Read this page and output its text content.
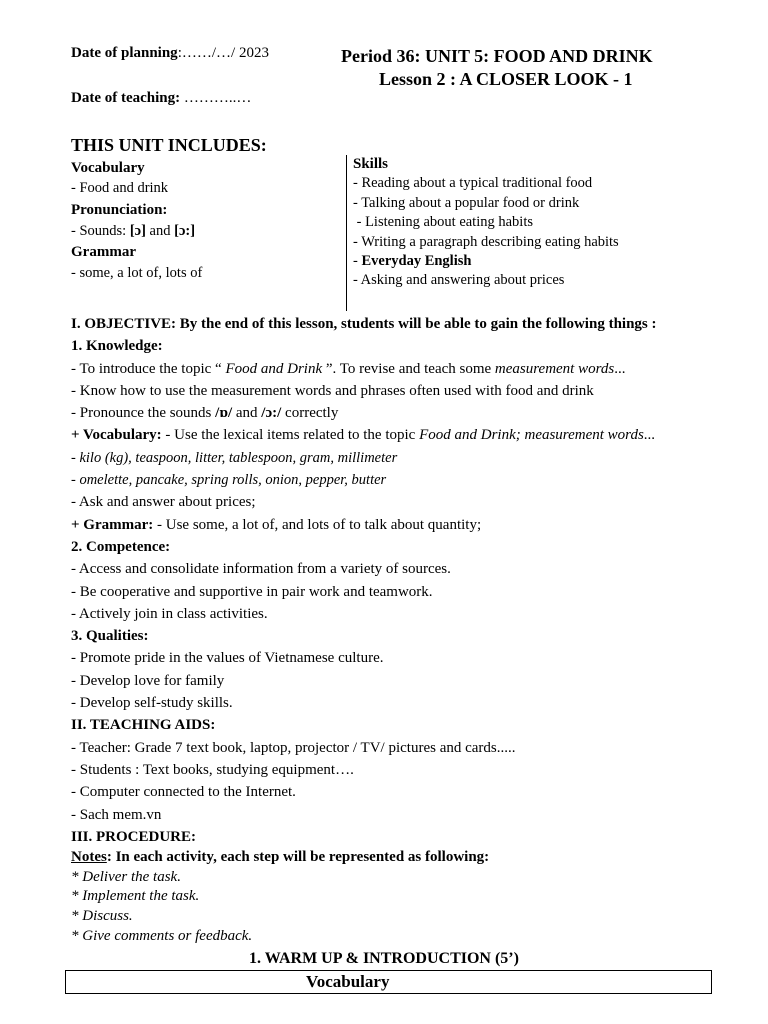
Date of planning:……/…/ 2023
Date of teaching: ………..…
Period 36: UNIT 5: FOOD AND DRINK
Lesson 2 : A CLOSER LOOK - 1
THIS UNIT INCLUDES:
Vocabulary
- Food and drink
Pronunciation:
- Sounds: [ɔ] and [ɔ:]
Grammar
- some, a lot of, lots of
Skills
- Reading about a typical traditional food
- Talking about a popular food or drink
- Listening about eating habits
- Writing a paragraph describing eating habits
- Everyday English
- Asking and answering about prices
I. OBJECTIVE: By the end of this lesson, students will be able to gain the following things :
1. Knowledge:
- To introduce the topic “ Food and Drink ”. To revise and teach some measurement words...
- Know how to use the measurement words and phrases often used with food and drink
- Pronounce the sounds /ɒ/ and /ɔ:/ correctly
+ Vocabulary: - Use the lexical items related to the topic Food and Drink; measurement words...
- kilo (kg), teaspoon, litter, tablespoon, gram, millimeter
- omelette, pancake, spring rolls, onion, pepper, butter
- Ask and answer about prices;
+ Grammar: - Use some, a lot of, and lots of to talk about quantity;
2. Competence:
- Access and consolidate information from a variety of sources.
- Be cooperative and supportive in pair work and teamwork.
- Actively join in class activities.
3. Qualities:
- Promote pride in the values of Vietnamese culture.
- Develop love for family
- Develop self-study skills.
II. TEACHING AIDS:
- Teacher: Grade 7 text book, laptop, projector / TV/ pictures and cards.....
- Students : Text books, studying equipment….
- Computer connected to the Internet.
- Sach mem.vn
III. PROCEDURE:
Notes: In each activity, each step will be represented as following:
* Deliver the task.
* Implement the task.
* Discuss.
* Give comments or feedback.
1. WARM UP & INTRODUCTION (5’)
Vocabulary
